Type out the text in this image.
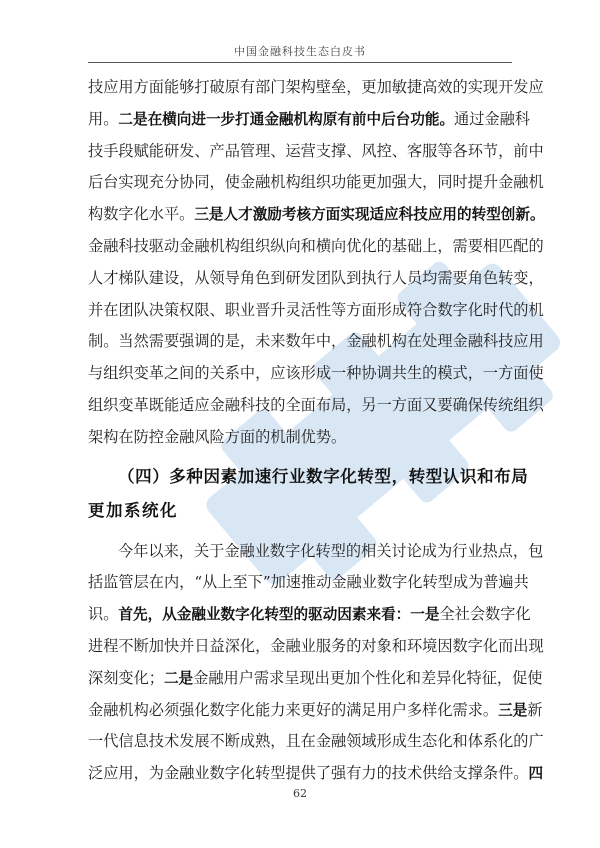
中国金融科技生态白皮书
技应用方面能够打破原有部门架构壁垒，更加敏捷高效的实现开发应
用。二是在横向进一步打通金融机构原有前中后台功能。通过金融科
技手段赋能研发、产品管理、运营支撑、风控、客服等各环节，前中
后台实现充分协同，使金融机构组织功能更加强大，同时提升金融机
构数字化水平。三是人才激励考核方面实现适应科技应用的转型创新。
金融科技驱动金融机构组织纵向和横向优化的基础上，需要相匹配的
人才梯队建设，从领导角色到研发团队到执行人员均需要角色转变，
并在团队决策权限、职业晋升灵活性等方面形成符合数字化时代的机
制。当然需要强调的是，未来数年中，金融机构在处理金融科技应用
与组织变革之间的关系中，应该形成一种协调共生的模式，一方面使
组织变革既能适应金融科技的全面布局，另一方面又要确保传统组织
架构在防控金融风险方面的机制优势。
（四）多种因素加速行业数字化转型，转型认识和布局
更加系统化
今年以来，关于金融业数字化转型的相关讨论成为行业热点，包
括监管层在内，“从上至下”加速推动金融业数字化转型成为普遍共
识。首先，从金融业数字化转型的驱动因素来看：一是全社会数字化
进程不断加快并日益深化，金融业服务的对象和环境因数字化而出现
深刻变化；二是金融用户需求呈现出更加个性化和差异化特征，促使
金融机构必须强化数字化能力来更好的满足用户多样化需求。三是新
一代信息技术发展不断成熟，且在金融领域形成生态化和体系化的广
泛应用，为金融业数字化转型提供了强有力的技术供给支撑条件。四
62
